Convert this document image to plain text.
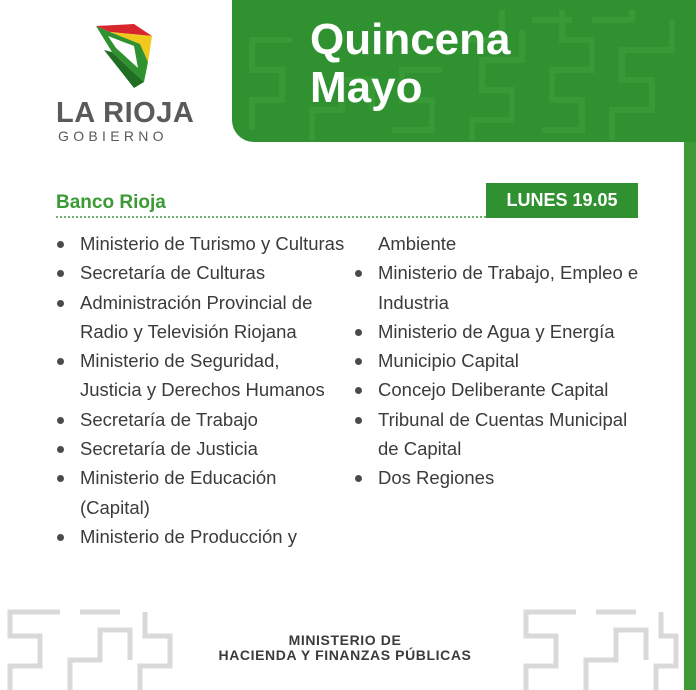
LA RIOJA
GOBIERNO
Quincena
Mayo
Banco Rioja	LUNES 19.05
Ministerio de Turismo y Culturas
Secretaría de Culturas
Administración Provincial de
Radio y Televisión Riojana
Ministerio de Seguridad,
Justicia y Derechos Humanos
Secretaría de Trabajo
Secretaría de Justicia
Ministerio de Educación
(Capital)
Ministerio de Producción y
Ambiente
Ministerio de Trabajo, Empleo e
Industria
Ministerio de Agua y Energía
Municipio Capital
Concejo Deliberante Capital
Tribunal de Cuentas Municipal
de Capital
Dos Regiones
MINISTERIO DE
HACIENDA Y FINANZAS PÚBLICAS
